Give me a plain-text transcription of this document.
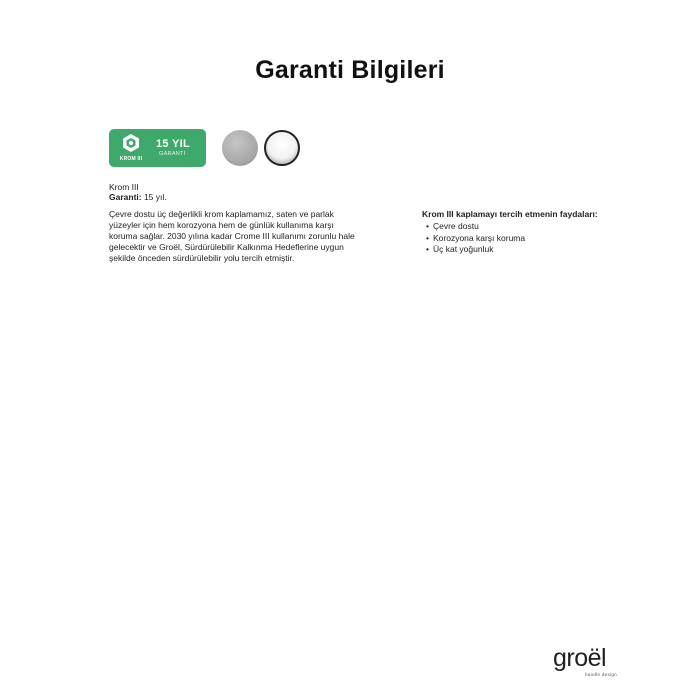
Garanti Bilgileri
KROM III
15 YIL
GARANTİ
Krom III
Garanti: 15 yıl.
Çevre dostu üç değerlikli krom kaplamamız, saten ve parlak
yüzeyler için hem korozyona hem de günlük kullanıma karşı
koruma sağlar. 2030 yılına kadar Crome III kullanımı zorunlu hale
gelecektir ve Groël, Sürdürülebilir Kalkınma Hedeflerine uygun
şekilde önceden sürdürülebilir yolu tercih etmiştir.
Krom III kaplamayı tercih etmenin faydaları:
• Çevre dostu
• Korozyona karşı koruma
• Üç kat yoğunluk
groël
handle design
